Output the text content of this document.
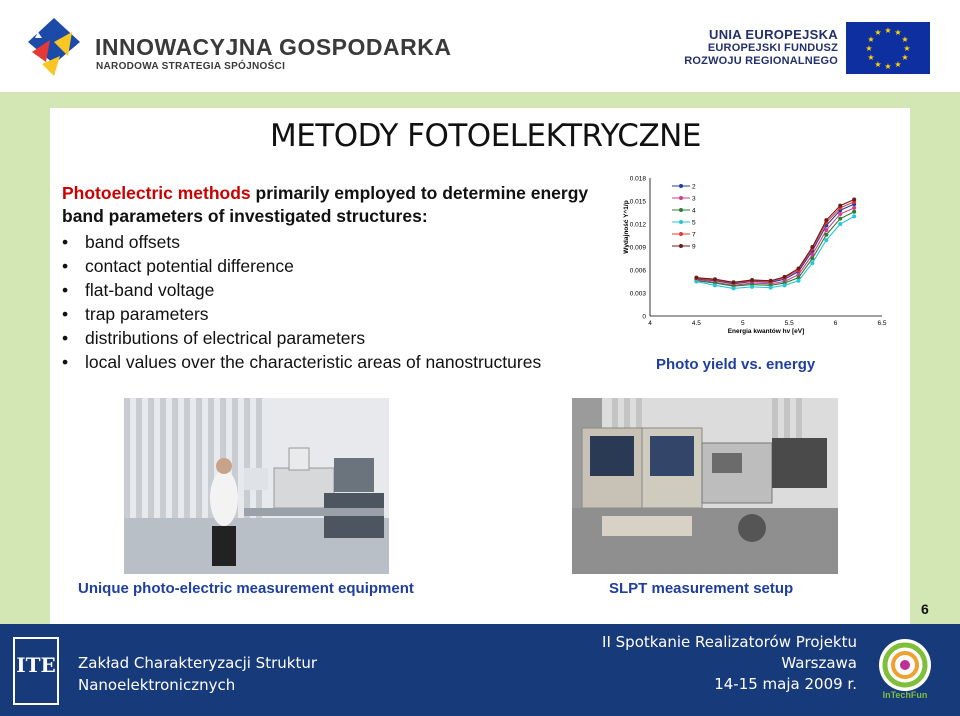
INNOWACYJNA GOSPODARKA
NARODOWA STRATEGIA SPÓJNOŚCI
UNIA EUROPEJSKA
EUROPEJSKI FUNDUSZ
ROZWOJU REGIONALNEGO
★ ★
★
★
★
★
★
★
★
★
★
★
METODY FOTOELEKTRYCZNE
Photoelectric methods primarily employed to determine energy band parameters of investigated structures:
• band offsets
• contact potential difference
• flat-band voltage
• trap parameters
• distributions of electrical parameters
• local values over the characteristic areas of nanostructures
0
0.003
0.006
0.009
0.012
0.015
0.018
4	4.5	5	5.5	6	6.5
Energia kwantów hv [eV]
Wydajność Y^1/p
2
3
4
5
7
9
Photo yield vs. energy
Unique photo-electric measurement equipment	SLPT measurement setup
6
ITE Zakład Charakteryzacji Struktur
Nanoelektronicznych
II Spotkanie Realizatorów Projektu
Warszawa
14-15 maja 2009 r.
InTechFun
